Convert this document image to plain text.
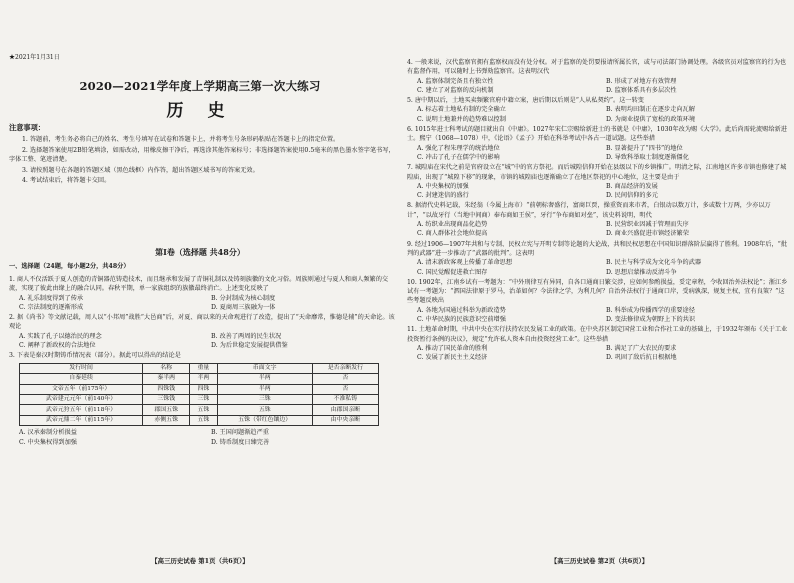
★2021年1月31日
2020—2021学年度上学期高三第一次大练习
历 史
注意事项：

1. 答题前，考生务必将自己的姓名、考生号填写在试卷和答题卡上，并将考生号条形码粘贴在答题卡上的指定位置。

2. 选择题答案使用2B铅笔填涂，如需改动，用橡皮擦干净后，再选涂其他答案标号；非选择题答案使用0.5毫米的黑色墨水签字笔书写，字体工整、笔迹清楚。

3. 请按照题号在各题的答题区域（黑色线框）内作答，超出答题区域书写的答案无效。

4. 考试结束后，将答题卡交回。

第Ⅰ卷（选择题 共48分）
一、选择题（24题，每小题2分，共48分）

1. 商人不仅活跃于夏人创造的青铜器范铸造技术，而且继承和发展了青铜礼制以及铸刻族徽的文化习俗。周族则通过与夏人和商人频繁的交流，实现了彼此由缘上的融合认同。春秋平期，单一家族组织的族徽最终消亡。上述变化反映了

A. 礼乐制度得到了传承	B. 分封制成为核心制度
C. 宗法制度的逐渐形成	D. 夏商周三族融为一体

2. 据《尚书》等文献记载，周人以“小邦周”战胜“大邑商”后，对夏、商以来的天命观进行了改造，提出了“天命靡常，惟德是辅”的天命论。该观论

A. 实践了孔子以德治民的理念	B. 改善了两周的民生状况
C. 阐释了新政权的合法地位	D. 为后世稳定发展提供借鉴

3. 下表是秦汉时期铸币情况表（部分）。据此可以得出的结论是

发行时间	名称	重量	币面文字	是否亲断发行
自秦延续	秦半两	半两	半两	否
文帝五年（前175年）	四铢钱	四铢	半两	否
武帝建元元年（前140年）	三铢钱	三铢	三铢	不准私铸
武帝元狩五年（前118年）	郡国五铢	五铢	五铢	由郡国亲断
武帝元鼎二年（前115年）	赤侧五铢	五铢	五铢（带红色镶边）	由中央亲断
A. 汉承秦制分析损益	B. 王国问题渐趋严重
C. 中央集权得到加强	D. 铸币制度日臻完善
【高三历史试卷 第1页（共6页）】

4. 一般来说，汉代监察官拥有监察权而没有处分权。对于监察的处罚要报请所属长官，或与司法部门协调处理。各级官员对监察官的行为也有监督作用，可以随时上书弹劾监察官。这表明汉代

A. 监察体制完备且有独立性	B. 形成了对地方有效管理
C. 建立了对监察的反向机制	D. 监察体系具有多层次性

5. 唐中期以后，土地买卖频繁官府中籍立案，唐后期以后则是“人从私契约”。这一转变

A. 标志着土地私有制的完全确立	B. 表明均田制正在逐步走向瓦解
C. 说明土地兼并的趋势难以控制	D. 为商业提供了宽松的政策环境

6. 1015年进士科考试的题目就出自《中庸》。1027年宋仁宗赐给新进士的书就是《中庸》，1030年改为赐《大学》。此后尚需轮流赐给新进士。熙宁（1068—1078）中，《论语》《孟子》开始在科举考试中各占一道试题。这些举措

A. 强化了程朱理学的统治地位	B. 显著提升了“四书”的地位
C. 冲击了孔子在儒学中的影响	D. 导致科举取士制度逐渐僵化

7. 城隍庙在宋代之前是官府设立在“城”中的官方祭祀。而后城隍信仰开始在县级以下的乡镇推广。明清之际，江南地区许多市镇也修建了城隍庙，出现了“城隍下移”的现象，市镇的城隍庙也逐渐确立了在地区祭祀的中心地位，这主要是由于

A. 中央集权的加强	B. 商品经济的发展
C. 封建迷信的盛行	D. 民间信仰的多元

8. 据清代史料记载，朱经翁（今属上海市）“前朝标奢盛行，富商巨贾，操重资而来市者，白银动以数万计，多或数十万两，少亦以万计”，“以故牙行（当地中间商）奉布商如王侯”，牙行“争布商如对垒”，该史料说明，明代

A. 纺织业出现商品化趋势	B. 民营织业因减于管理而失序
C. 商人群体社会地位提高	D. 商业兴盛促进市镇经济繁荣

9. 经过1906—1907年共和与专制、民权立宪与开明专制等论题的大论战，共和民权思想在中国知识群落阶层赢得了胜利。1908年后，“批判的武器”进一步推动了“武器的批判”。这表明

A. 清末新政客观上传播了革命思想	B. 民主与科学成为文化斗争的武器
C. 国民觉醒促进救亡图存	D. 思想启蒙推动反清斗争

10. 1902年，江南乡试有一考题为：“中外刑律互有异同，自各口通商日繁交涉，应如何参酌损益，妥定章程，令收回治外法权论”；浙江乡试有一考题为：“泗国法律原于罗马，治革如何？今法律之学，为利几何？自治外法权行于通商口岸，受病孰深，规复主权，宜有良策？”这些考题反映出

A. 各地为国通过科举为新政造势	B. 科举成为传播西学的重要途径
C. 中华民族的民族意识空前增强	D. 变法修律成为朝野上下的共识

11. 土地革命时期，中共中央在实行扶持农民发展工业的政策。在中央苏区制定国营工业和合作社工业的基础上，于1932年颁布《关于工业投资暂行条例的决议》，规定“允许私人资本自由投资经营工业”。这些举措

A. 推动了国民革命的胜利	B. 满足了广大农民的要求
C. 发展了新民主主义经济	D. 巩固了敌后抗日根据地
【高三历史试卷 第2页（共6页）】
